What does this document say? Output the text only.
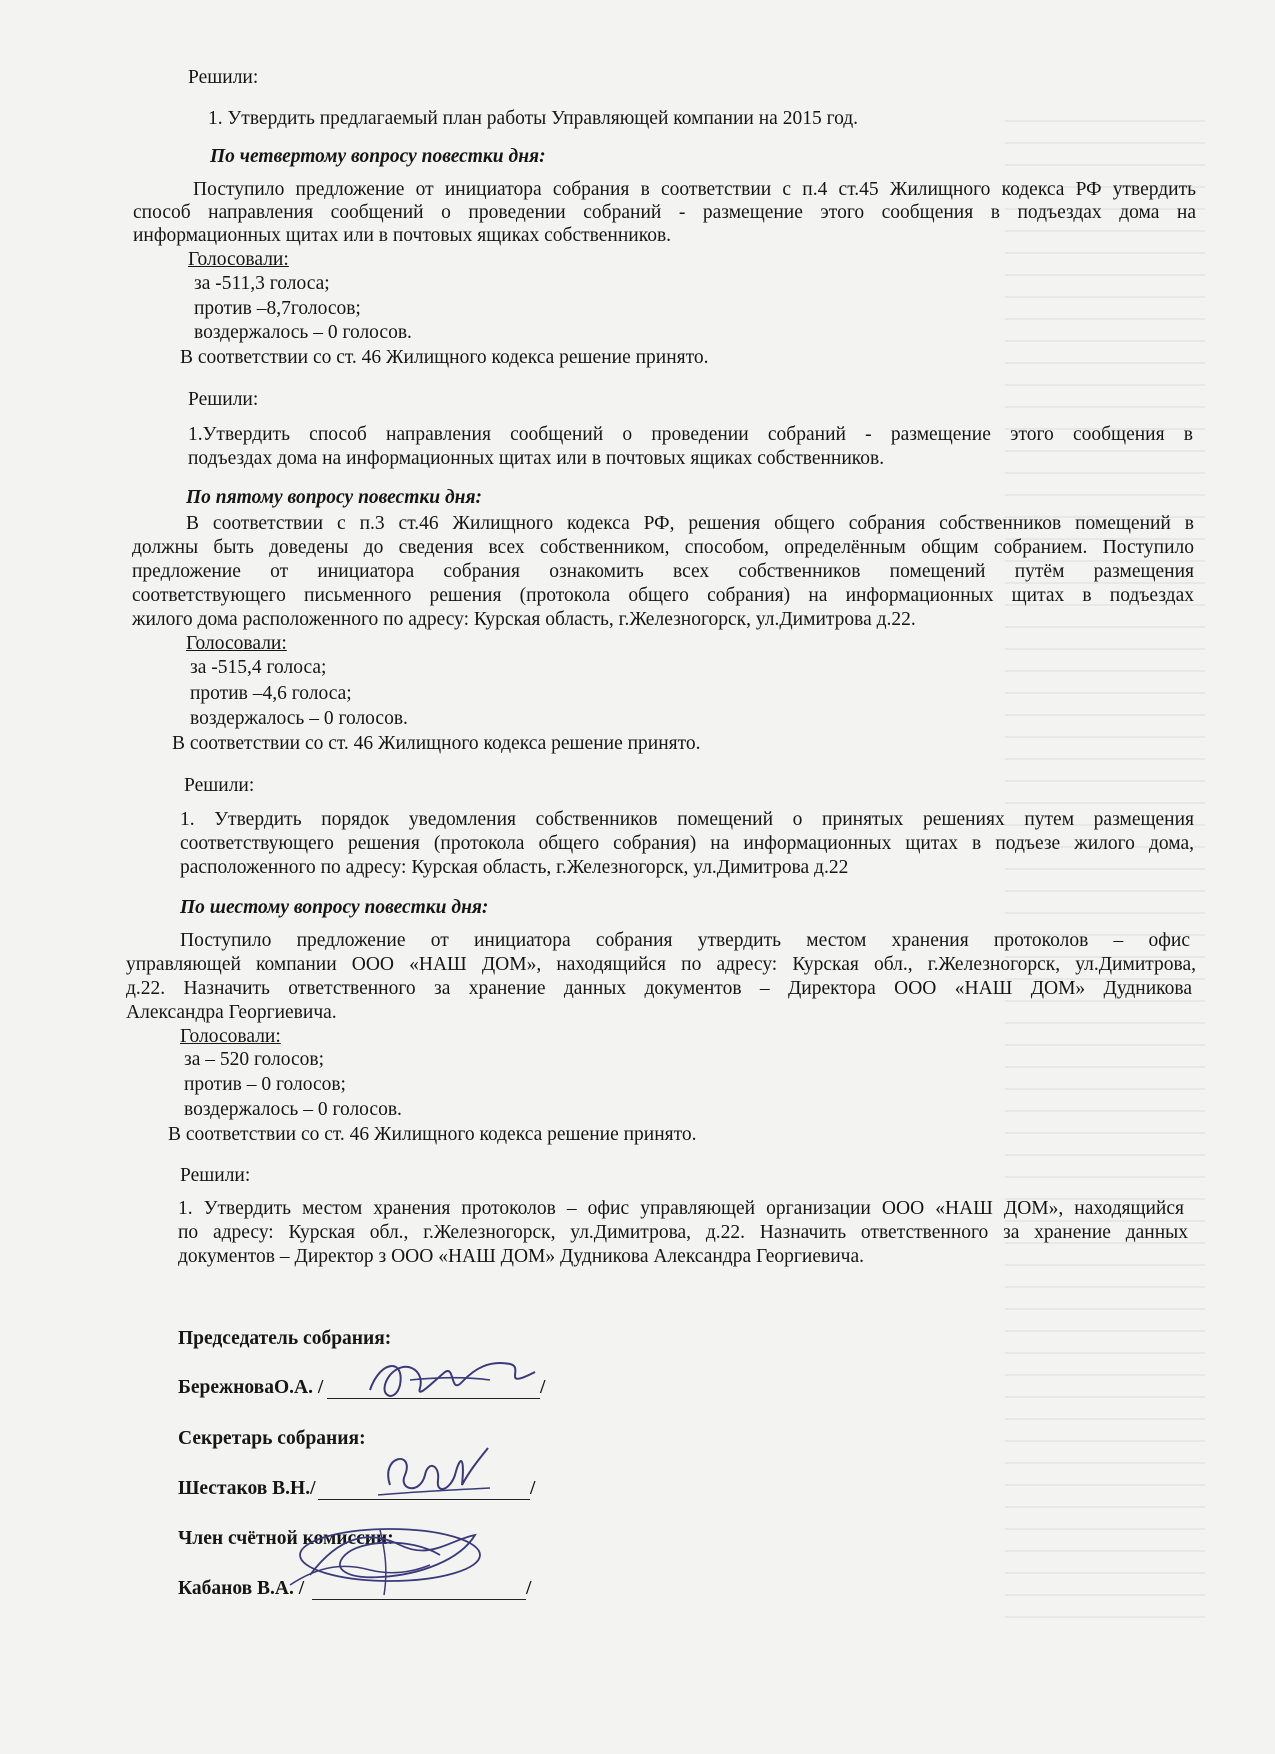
Решили:
1. Утвердить предлагаемый план работы Управляющей компании на 2015 год.
По четвертому вопросу повестки дня:
Поступило предложение от инициатора собрания в соответствии с п.4 ст.45 Жилищного кодекса РФ утвердить
способ направления сообщений о проведении собраний - размещение этого сообщения в подъездах дома на
информационных щитах или в почтовых ящиках собственников.
Голосовали:
за -511,3 голоса;
против –8,7голосов;
воздержалось – 0 голосов.
В соответствии со ст. 46 Жилищного кодекса решение принято.
Решили:
1.Утвердить способ направления сообщений о проведении собраний - размещение этого сообщения в
подъездах дома на информационных щитах или в почтовых ящиках собственников.
По пятому вопросу повестки дня:
В соответствии с п.3 ст.46 Жилищного кодекса РФ, решения общего собрания собственников помещений в
должны быть доведены до сведения всех собственником, способом, определённым общим собранием. Поступило
предложение от инициатора собрания ознакомить всех собственников помещений путём размещения
соответствующего письменного решения (протокола общего собрания) на информационных щитах в подъездах
жилого дома расположенного по адресу: Курская область, г.Железногорск, ул.Димитрова д.22.
Голосовали:
за -515,4 голоса;
против –4,6 голоса;
воздержалось – 0 голосов.
В соответствии со ст. 46 Жилищного кодекса решение принято.
Решили:
1. Утвердить порядок уведомления собственников помещений о принятых решениях путем размещения
соответствующего решения (протокола общего собрания) на информационных щитах в подъезе жилого дома,
расположенного по адресу: Курская область, г.Железногорск, ул.Димитрова д.22
По шестому вопросу повестки дня:
Поступило предложение от инициатора собрания утвердить местом хранения протоколов – офис
управляющей компании ООО «НАШ ДОМ», находящийся по адресу: Курская обл., г.Железногорск, ул.Димитрова,
д.22. Назначить ответственного за хранение данных документов – Директора ООО «НАШ ДОМ» Дудникова
Александра Георгиевича.
Голосовали:
за – 520 голосов;
против – 0 голосов;
воздержалось – 0 голосов.
В соответствии со ст. 46 Жилищного кодекса решение принято.
Решили:
1. Утвердить местом хранения протоколов – офис управляющей организации ООО «НАШ ДОМ», находящийся
по адресу: Курская обл., г.Железногорск, ул.Димитрова, д.22. Назначить ответственного за хранение данных
документов – Директор з ООО «НАШ ДОМ» Дудникова Александра Георгиевича.
Председатель собрания:
БережноваО.А. /	/
Секретарь собрания:
Шестаков В.Н./	/
Член счётной комиссии:
Кабанов В.А. /	/
